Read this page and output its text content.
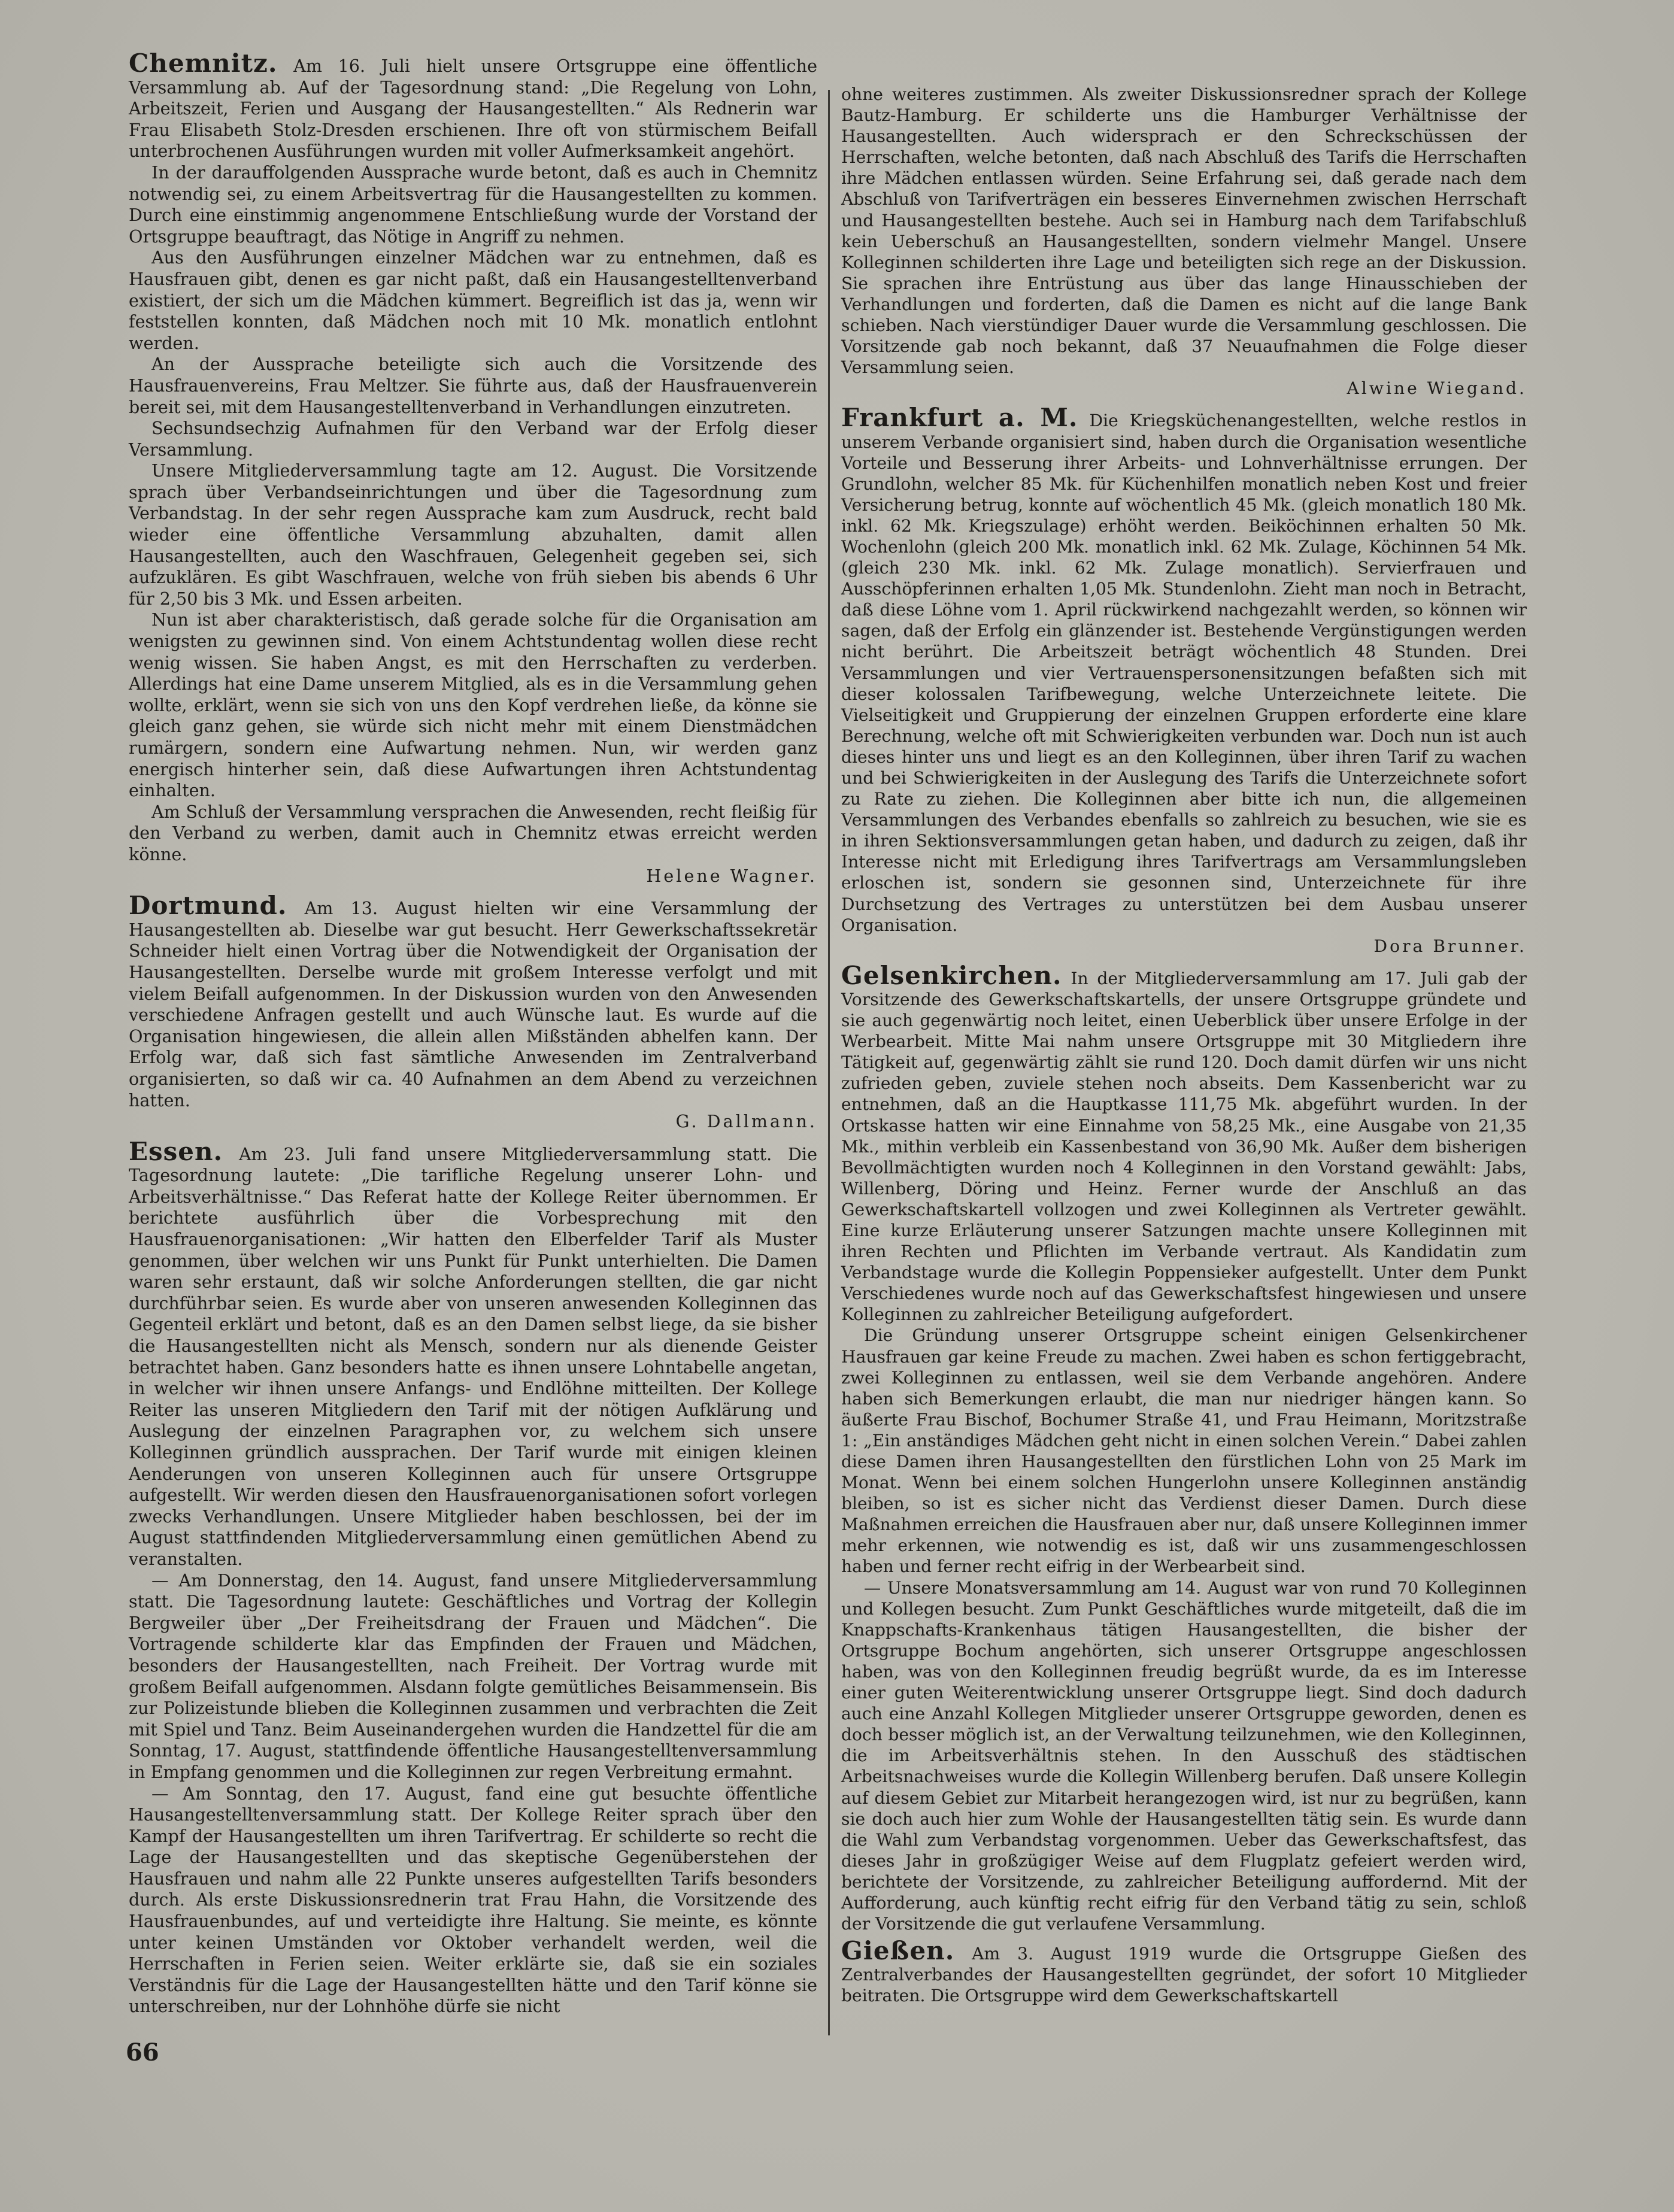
Chemnitz. Am 16. Juli hielt unsere Ortsgruppe eine öffentliche Versammlung ab. Auf der Tagesordnung stand: „Die Regelung von Lohn, Arbeitszeit, Ferien und Ausgang der Hausangestellten.“ Als Rednerin war Frau Elisabeth Stolz-Dresden erschienen. Ihre oft von stürmischem Beifall unterbrochenen Ausführungen wurden mit voller Aufmerksamkeit angehört.

In der darauffolgenden Aussprache wurde betont, daß es auch in Chemnitz notwendig sei, zu einem Arbeitsvertrag für die Hausangestellten zu kommen. Durch eine einstimmig angenommene Entschließung wurde der Vorstand der Ortsgruppe beauftragt, das Nötige in Angriff zu nehmen.

Aus den Ausführungen einzelner Mädchen war zu entnehmen, daß es Hausfrauen gibt, denen es gar nicht paßt, daß ein Hausangestelltenverband existiert, der sich um die Mädchen kümmert. Begreiflich ist das ja, wenn wir feststellen konnten, daß Mädchen noch mit 10 Mk. monatlich entlohnt werden.

An der Aussprache beteiligte sich auch die Vorsitzende des Hausfrauenvereins, Frau Meltzer. Sie führte aus, daß der Hausfrauenverein bereit sei, mit dem Hausangestelltenverband in Verhandlungen einzutreten.

Sechsundsechzig Aufnahmen für den Verband war der Erfolg dieser Versammlung.

Unsere Mitgliederversammlung tagte am 12. August. Die Vorsitzende sprach über Verbandseinrichtungen und über die Tagesordnung zum Verbandstag. In der sehr regen Aussprache kam zum Ausdruck, recht bald wieder eine öffentliche Versammlung abzuhalten, damit allen Hausangestellten, auch den Waschfrauen, Gelegenheit gegeben sei, sich aufzuklären. Es gibt Waschfrauen, welche von früh sieben bis abends 6 Uhr für 2,50 bis 3 Mk. und Essen arbeiten.

Nun ist aber charakteristisch, daß gerade solche für die Organisation am wenigsten zu gewinnen sind. Von einem Achtstundentag wollen diese recht wenig wissen. Sie haben Angst, es mit den Herrschaften zu verderben. Allerdings hat eine Dame unserem Mitglied, als es in die Versammlung gehen wollte, erklärt, wenn sie sich von uns den Kopf verdrehen ließe, da könne sie gleich ganz gehen, sie würde sich nicht mehr mit einem Dienstmädchen rumärgern, sondern eine Aufwartung nehmen. Nun, wir werden ganz energisch hinterher sein, daß diese Aufwartungen ihren Achtstundentag einhalten.

Am Schluß der Versammlung versprachen die Anwesenden, recht fleißig für den Verband zu werben, damit auch in Chemnitz etwas erreicht werden könne.

Helene Wagner.

Dortmund. Am 13. August hielten wir eine Versammlung der Hausangestellten ab. Dieselbe war gut besucht. Herr Gewerkschaftssekretär Schneider hielt einen Vortrag über die Notwendigkeit der Organisation der Hausangestellten. Derselbe wurde mit großem Interesse verfolgt und mit vielem Beifall aufgenommen. In der Diskussion wurden von den Anwesenden verschiedene Anfragen gestellt und auch Wünsche laut. Es wurde auf die Organisation hingewiesen, die allein allen Mißständen abhelfen kann. Der Erfolg war, daß sich fast sämtliche Anwesenden im Zentralverband organisierten, so daß wir ca. 40 Aufnahmen an dem Abend zu verzeichnen hatten.

G. Dallmann.

Essen. Am 23. Juli fand unsere Mitgliederversammlung statt. Die Tagesordnung lautete: „Die tarifliche Regelung unserer Lohn- und Arbeitsverhältnisse.“ Das Referat hatte der Kollege Reiter übernommen. Er berichtete ausführlich über die Vorbesprechung mit den Hausfrauenorganisationen: „Wir hatten den Elberfelder Tarif als Muster genommen, über welchen wir uns Punkt für Punkt unterhielten. Die Damen waren sehr erstaunt, daß wir solche Anforderungen stellten, die gar nicht durchführbar seien. Es wurde aber von unseren anwesenden Kolleginnen das Gegenteil erklärt und betont, daß es an den Damen selbst liege, da sie bisher die Hausangestellten nicht als Mensch, sondern nur als dienende Geister betrachtet haben. Ganz besonders hatte es ihnen unsere Lohntabelle angetan, in welcher wir ihnen unsere Anfangs- und Endlöhne mitteilten. Der Kollege Reiter las unseren Mitgliedern den Tarif mit der nötigen Aufklärung und Auslegung der einzelnen Paragraphen vor, zu welchem sich unsere Kolleginnen gründlich aussprachen. Der Tarif wurde mit einigen kleinen Aenderungen von unseren Kolleginnen auch für unsere Ortsgruppe aufgestellt. Wir werden diesen den Hausfrauenorganisationen sofort vorlegen zwecks Verhandlungen. Unsere Mitglieder haben beschlossen, bei der im August stattfindenden Mitgliederversammlung einen gemütlichen Abend zu veranstalten.

— Am Donnerstag, den 14. August, fand unsere Mitgliederversammlung statt. Die Tagesordnung lautete: Geschäftliches und Vortrag der Kollegin Bergweiler über „Der Freiheitsdrang der Frauen und Mädchen“. Die Vortragende schilderte klar das Empfinden der Frauen und Mädchen, besonders der Hausangestellten, nach Freiheit. Der Vortrag wurde mit großem Beifall aufgenommen. Alsdann folgte gemütliches Beisammensein. Bis zur Polizeistunde blieben die Kolleginnen zusammen und verbrachten die Zeit mit Spiel und Tanz. Beim Auseinandergehen wurden die Handzettel für die am Sonntag, 17. August, stattfindende öffentliche Hausangestelltenversammlung in Empfang genommen und die Kolleginnen zur regen Verbreitung ermahnt.

— Am Sonntag, den 17. August, fand eine gut besuchte öffentliche Hausangestelltenversammlung statt. Der Kollege Reiter sprach über den Kampf der Hausangestellten um ihren Tarifvertrag. Er schilderte so recht die Lage der Hausangestellten und das skeptische Gegenüberstehen der Hausfrauen und nahm alle 22 Punkte unseres aufgestellten Tarifs besonders durch. Als erste Diskussionsrednerin trat Frau Hahn, die Vorsitzende des Hausfrauenbundes, auf und verteidigte ihre Haltung. Sie meinte, es könnte unter keinen Umständen vor Oktober verhandelt werden, weil die Herrschaften in Ferien seien. Weiter erklärte sie, daß sie ein soziales Verständnis für die Lage der Hausangestellten hätte und den Tarif könne sie unterschreiben, nur der Lohnhöhe dürfe sie nicht

ohne weiteres zustimmen. Als zweiter Diskussionsredner sprach der Kollege Bautz-Hamburg. Er schilderte uns die Hamburger Verhältnisse der Hausangestellten. Auch widersprach er den Schreckschüssen der Herrschaften, welche betonten, daß nach Abschluß des Tarifs die Herrschaften ihre Mädchen entlassen würden. Seine Erfahrung sei, daß gerade nach dem Abschluß von Tarifverträgen ein besseres Einvernehmen zwischen Herrschaft und Hausangestellten bestehe. Auch sei in Hamburg nach dem Tarifabschluß kein Ueberschuß an Hausangestellten, sondern vielmehr Mangel. Unsere Kolleginnen schilderten ihre Lage und beteiligten sich rege an der Diskussion. Sie sprachen ihre Entrüstung aus über das lange Hinausschieben der Verhandlungen und forderten, daß die Damen es nicht auf die lange Bank schieben. Nach vierstündiger Dauer wurde die Versammlung geschlossen. Die Vorsitzende gab noch bekannt, daß 37 Neuaufnahmen die Folge dieser Versammlung seien.

Alwine Wiegand.

Frankfurt a. M. Die Kriegsküchenangestellten, welche restlos in unserem Verbande organisiert sind, haben durch die Organisation wesentliche Vorteile und Besserung ihrer Arbeits- und Lohnverhältnisse errungen. Der Grundlohn, welcher 85 Mk. für Küchenhilfen monatlich neben Kost und freier Versicherung betrug, konnte auf wöchentlich 45 Mk. (gleich monatlich 180 Mk. inkl. 62 Mk. Kriegszulage) erhöht werden. Beiköchinnen erhalten 50 Mk. Wochenlohn (gleich 200 Mk. monatlich inkl. 62 Mk. Zulage, Köchinnen 54 Mk. (gleich 230 Mk. inkl. 62 Mk. Zulage monatlich). Servierfrauen und Ausschöpferinnen erhalten 1,05 Mk. Stundenlohn. Zieht man noch in Betracht, daß diese Löhne vom 1. April rückwirkend nachgezahlt werden, so können wir sagen, daß der Erfolg ein glänzender ist. Bestehende Vergünstigungen werden nicht berührt. Die Arbeitszeit beträgt wöchentlich 48 Stunden. Drei Versammlungen und vier Vertrauenspersonensitzungen befaßten sich mit dieser kolossalen Tarifbewegung, welche Unterzeichnete leitete. Die Vielseitigkeit und Gruppierung der einzelnen Gruppen erforderte eine klare Berechnung, welche oft mit Schwierigkeiten verbunden war. Doch nun ist auch dieses hinter uns und liegt es an den Kolleginnen, über ihren Tarif zu wachen und bei Schwierigkeiten in der Auslegung des Tarifs die Unterzeichnete sofort zu Rate zu ziehen. Die Kolleginnen aber bitte ich nun, die allgemeinen Versammlungen des Verbandes ebenfalls so zahlreich zu besuchen, wie sie es in ihren Sektionsversammlungen getan haben, und dadurch zu zeigen, daß ihr Interesse nicht mit Erledigung ihres Tarifvertrags am Versammlungsleben erloschen ist, sondern sie gesonnen sind, Unterzeichnete für ihre Durchsetzung des Vertrages zu unterstützen bei dem Ausbau unserer Organisation.

Dora Brunner.

Gelsenkirchen. In der Mitgliederversammlung am 17. Juli gab der Vorsitzende des Gewerkschaftskartells, der unsere Ortsgruppe gründete und sie auch gegenwärtig noch leitet, einen Ueberblick über unsere Erfolge in der Werbearbeit. Mitte Mai nahm unsere Ortsgruppe mit 30 Mitgliedern ihre Tätigkeit auf, gegenwärtig zählt sie rund 120. Doch damit dürfen wir uns nicht zufrieden geben, zuviele stehen noch abseits. Dem Kassenbericht war zu entnehmen, daß an die Hauptkasse 111,75 Mk. abgeführt wurden. In der Ortskasse hatten wir eine Einnahme von 58,25 Mk., eine Ausgabe von 21,35 Mk., mithin verbleib ein Kassenbestand von 36,90 Mk. Außer dem bisherigen Bevollmächtigten wurden noch 4 Kolleginnen in den Vorstand gewählt: Jabs, Willenberg, Döring und Heinz. Ferner wurde der Anschluß an das Gewerkschaftskartell vollzogen und zwei Kolleginnen als Vertreter gewählt. Eine kurze Erläuterung unserer Satzungen machte unsere Kolleginnen mit ihren Rechten und Pflichten im Verbande vertraut. Als Kandidatin zum Verbandstage wurde die Kollegin Poppensieker aufgestellt. Unter dem Punkt Verschiedenes wurde noch auf das Gewerkschaftsfest hingewiesen und unsere Kolleginnen zu zahlreicher Beteiligung aufgefordert.

Die Gründung unserer Ortsgruppe scheint einigen Gelsenkirchener Hausfrauen gar keine Freude zu machen. Zwei haben es schon fertiggebracht, zwei Kolleginnen zu entlassen, weil sie dem Verbande angehören. Andere haben sich Bemerkungen erlaubt, die man nur niedriger hängen kann. So äußerte Frau Bischof, Bochumer Straße 41, und Frau Heimann, Moritzstraße 1: „Ein anständiges Mädchen geht nicht in einen solchen Verein.“ Dabei zahlen diese Damen ihren Hausangestellten den fürstlichen Lohn von 25 Mark im Monat. Wenn bei einem solchen Hungerlohn unsere Kolleginnen anständig bleiben, so ist es sicher nicht das Verdienst dieser Damen. Durch diese Maßnahmen erreichen die Hausfrauen aber nur, daß unsere Kolleginnen immer mehr erkennen, wie notwendig es ist, daß wir uns zusammengeschlossen haben und ferner recht eifrig in der Werbearbeit sind.

— Unsere Monatsversammlung am 14. August war von rund 70 Kolleginnen und Kollegen besucht. Zum Punkt Geschäftliches wurde mitgeteilt, daß die im Knappschafts-Krankenhaus tätigen Hausangestellten, die bisher der Ortsgruppe Bochum angehörten, sich unserer Ortsgruppe angeschlossen haben, was von den Kolleginnen freudig begrüßt wurde, da es im Interesse einer guten Weiterentwicklung unserer Ortsgruppe liegt. Sind doch dadurch auch eine Anzahl Kollegen Mitglieder unserer Ortsgruppe geworden, denen es doch besser möglich ist, an der Verwaltung teilzunehmen, wie den Kolleginnen, die im Arbeitsverhältnis stehen. In den Ausschuß des städtischen Arbeitsnachweises wurde die Kollegin Willenberg berufen. Daß unsere Kollegin auf diesem Gebiet zur Mitarbeit herangezogen wird, ist nur zu begrüßen, kann sie doch auch hier zum Wohle der Hausangestellten tätig sein. Es wurde dann die Wahl zum Verbandstag vorgenommen. Ueber das Gewerkschaftsfest, das dieses Jahr in großzügiger Weise auf dem Flugplatz gefeiert werden wird, berichtete der Vorsitzende, zu zahlreicher Beteiligung auffordernd. Mit der Aufforderung, auch künftig recht eifrig für den Verband tätig zu sein, schloß der Vorsitzende die gut verlaufene Versammlung.

Gießen. Am 3. August 1919 wurde die Ortsgruppe Gießen des Zentralverbandes der Hausangestellten gegründet, der sofort 10 Mitglieder beitraten. Die Ortsgruppe wird dem Gewerkschaftskartell

66
